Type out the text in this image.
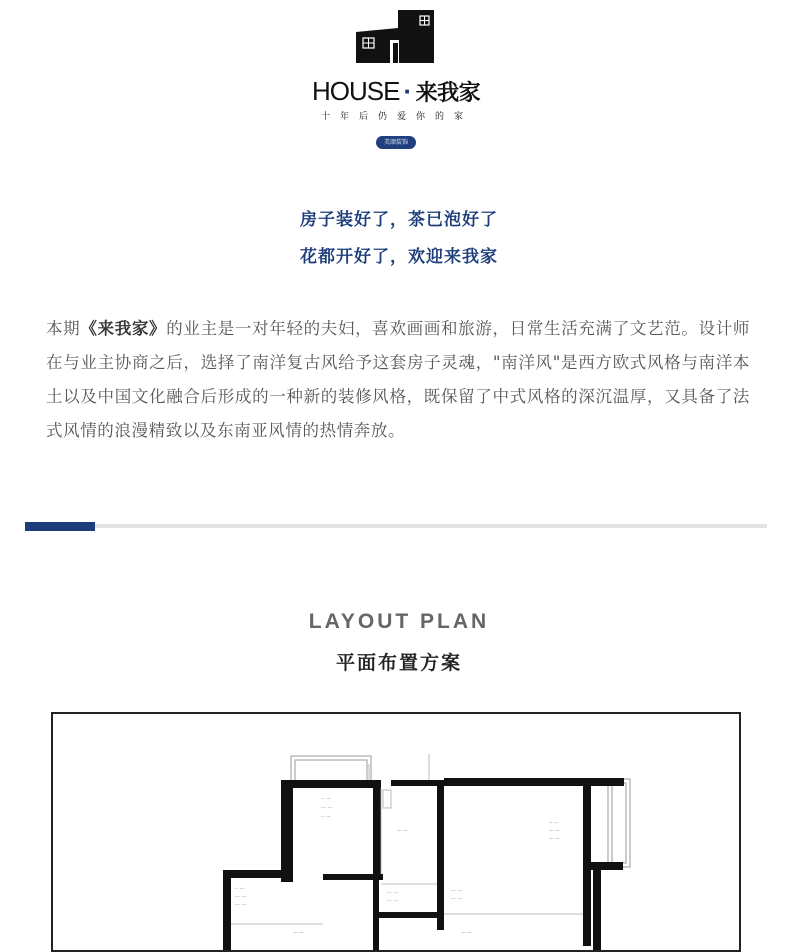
HOUSE · 来我家
十年后仍爱你的家
美颂装饰
房子装好了，茶已泡好了
花都开好了，欢迎来我家
本期《来我家》的业主是一对年轻的夫妇，喜欢画画和旅游，日常生活充满了文艺范。设计师在与业主协商之后，选择了南洋复古风给予这套房子灵魂，"南洋风"是西方欧式风格与南洋本土以及中国文化融合后形成的一种新的装修风格，既保留了中式风格的深沉温厚，又具备了法式风情的浪漫精致以及东南亚风情的热情奔放。
LAYOUT PLAN
平面布置方案
·· ···
··· ···
·· ···
··· ···
·· ···
··· ···
··· ···
·· ···
··· ···
··· ···
··· ···
··· ···
··· ···
··· ···
··· ···	··· ···
